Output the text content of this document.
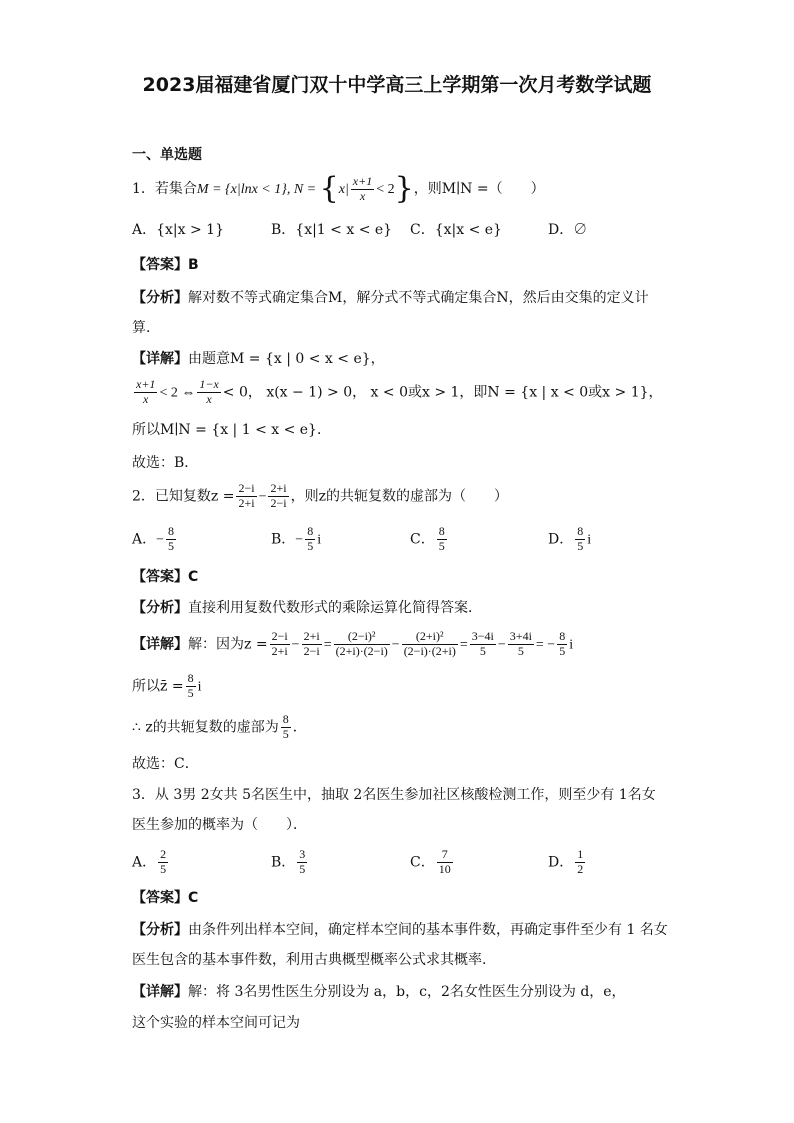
2023届福建省厦门双十中学高三上学期第一次月考数学试题
一、单选题
1．若集合M = {x|lnx < 1}, $N = \{x| \frac{x+1}{x} < 2\}$，则M∣N =（　　）
A．{x|x > 1}	B．{x|1 < x < e} C．{x|x < e}	D．∅
【答案】B
【分析】解对数不等式确定集合M，解分式不等式确定集合N，然后由交集的定义计
算．
【详解】由题意M = {x | 0 < x < e}，
$\frac{x+1}{x} < 2$ ⇔ $\frac{1-x}{x} < 0$， x(x − 1) > 0， x < 0或x > 1，即N = {x | x < 0或x > 1}，
所以M∣N = {x | 1 < x < e}．
故选：B．
2．已知复数$z = \frac{2-i}{2+i} - \frac{2+i}{2-i}$ ，则z的共轭复数的虚部为（　　）
A．− $\frac{8}{5}$	B．− $\frac{8}{5}$ i	C． $\frac{8}{5}$	D． $\frac{8}{5}$ i
【答案】C
【分析】直接利用复数代数形式的乘除运算化简得答案．
【详解】解：因为$z = \frac{2-i}{2+i} - \frac{2+i}{2-i} = \frac{\text{(2−i)²}}{(2+i)\cdot(2-i)} - \frac{\text{(2+i)²}}{(2-i)\cdot(2+i)} = \frac{3-4i}{5} - \frac{3+4i}{5}$ = − $\frac{8}{5}$ i
所以z̄ = $\frac{8}{5}$ i
∴ z的共轭复数的虚部为 $\frac{8}{5}$ ．
故选：C．
3．从 3男 2女共 5名医生中，抽取 2名医生参加社区核酸检测工作，则至少有 1名女
医生参加的概率为（　　）．
A． $\frac{2}{5}$	B． $\frac{3}{5}$	C． $\frac{7}{10}$	D． $\frac{1}{2}$
【答案】C
【分析】由条件列出样本空间，确定样本空间的基本事件数，再确定事件至少有 1 名女
医生包含的基本事件数，利用古典概型概率公式求其概率.
【详解】解：将 3名男性医生分别设为 a，b，c，2名女性医生分别设为 d，e，
这个实验的样本空间可记为
